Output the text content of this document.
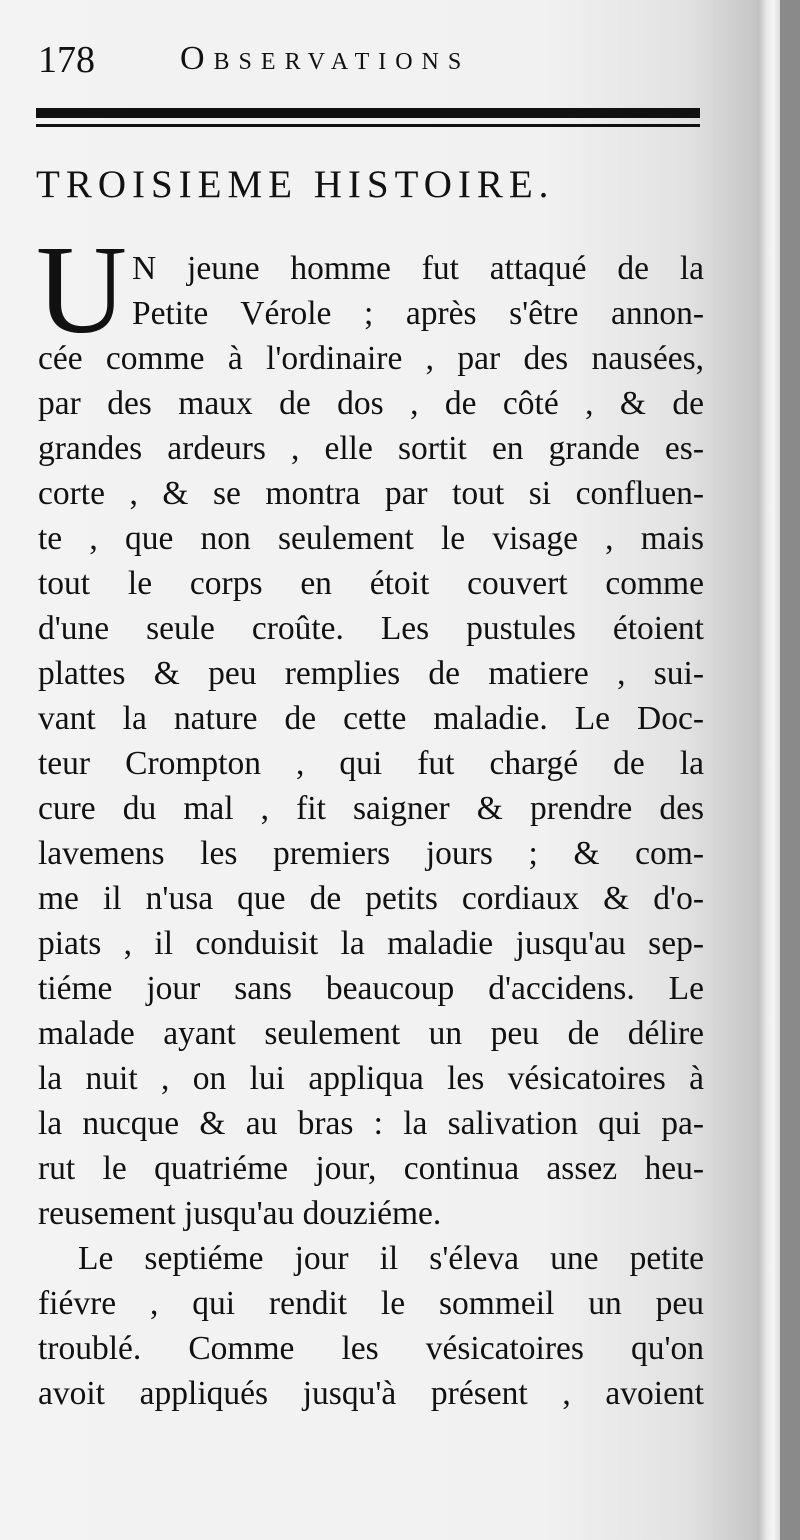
178	Observations
TROISIEME HISTOIRE.
U N jeune homme fut attaqué de la
Petite Vérole ; après s'être annon-
cée comme à l'ordinaire , par des nausées,
par des maux de dos , de côté , & de
grandes ardeurs , elle sortit en grande es-
corte , & se montra par tout si confluen-
te , que non seulement le visage , mais
tout le corps en étoit couvert comme
d'une seule croûte. Les pustules étoient
plattes & peu remplies de matiere , sui-
vant la nature de cette maladie. Le Doc-
teur Crompton , qui fut chargé de la
cure du mal , fit saigner & prendre des
lavemens les premiers jours ; & com-
me il n'usa que de petits cordiaux & d'o-
piats , il conduisit la maladie jusqu'au sep-
tiéme jour sans beaucoup d'accidens. Le
malade ayant seulement un peu de délire
la nuit , on lui appliqua les vésicatoires à
la nucque & au bras : la salivation qui pa-
rut le quatriéme jour, continua assez heu-
reusement jusqu'au douziéme.
Le septiéme jour il s'éleva une petite
fiévre , qui rendit le sommeil un peu
troublé. Comme les vésicatoires qu'on
avoit appliqués jusqu'à présent , avoient
